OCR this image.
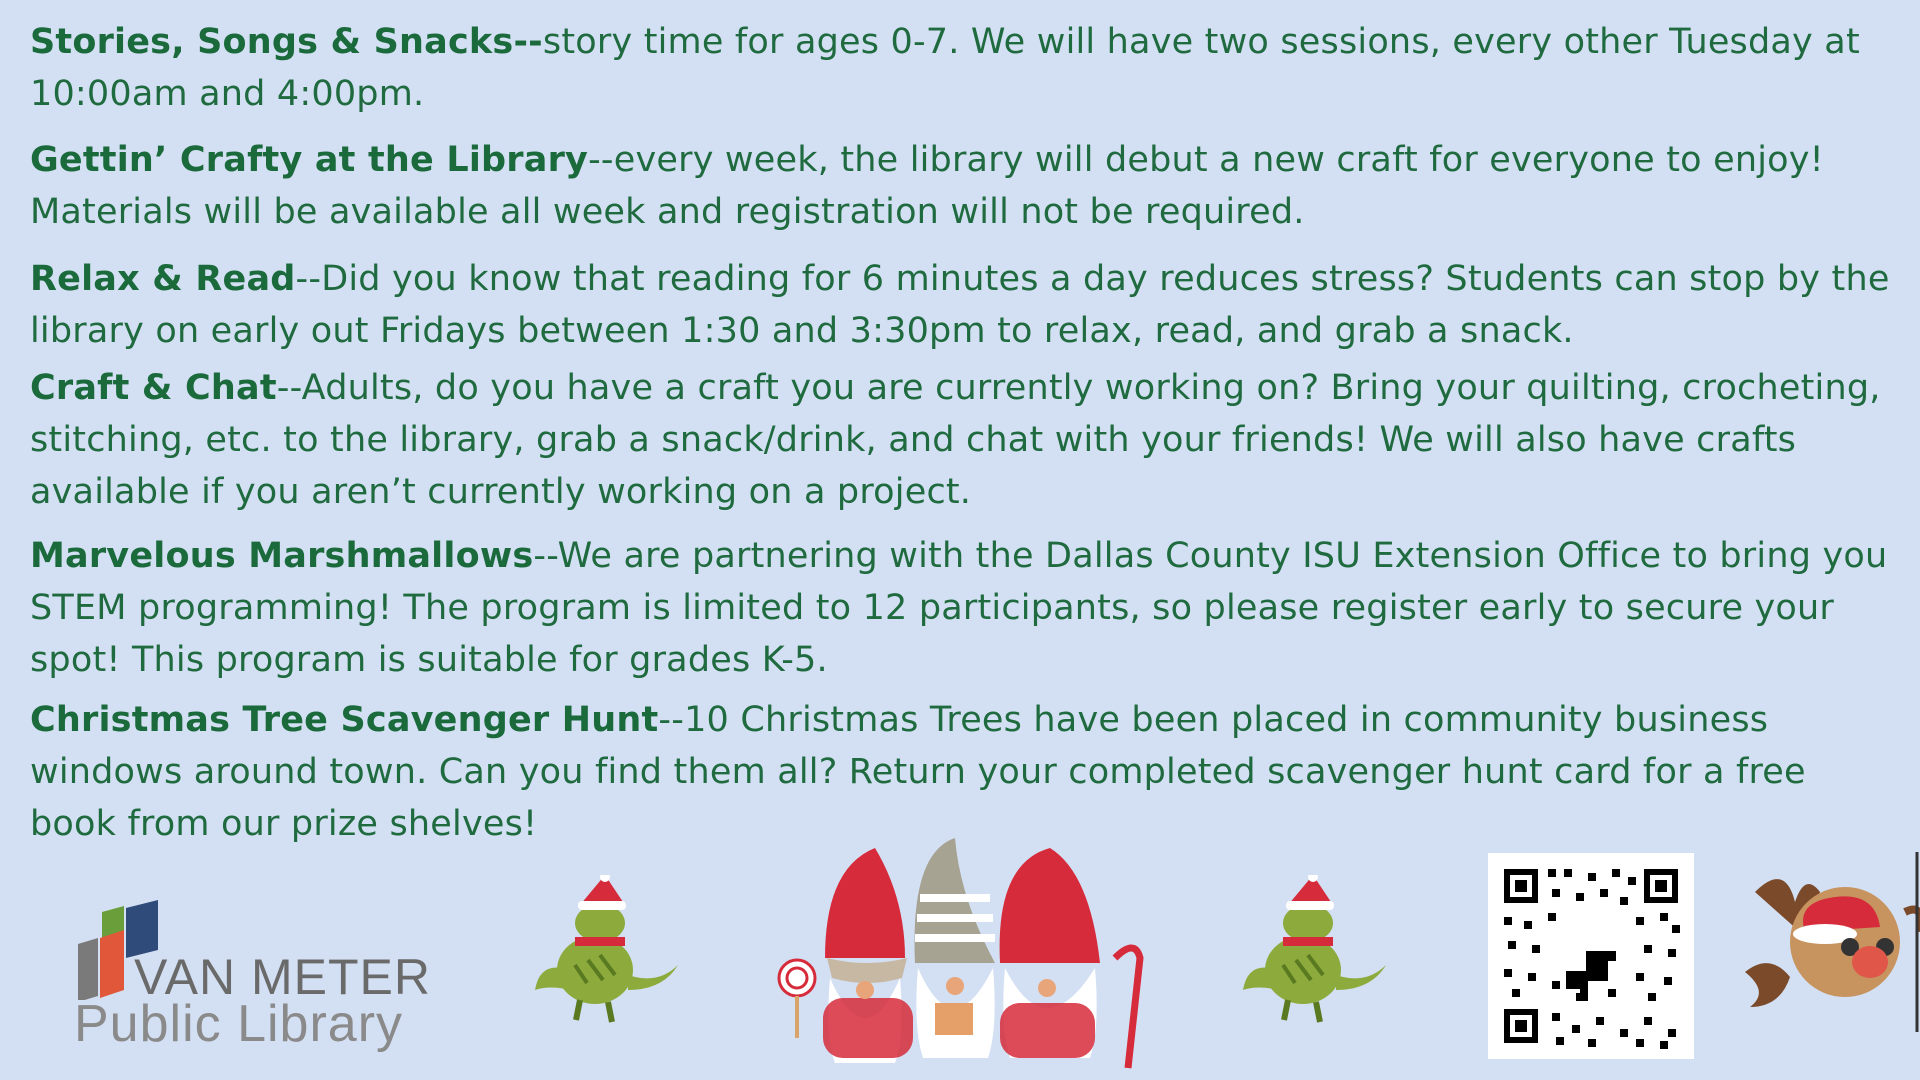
Stories, Songs & Snacks--story time for ages 0-7. We will have two sessions, every other Tuesday at 10:00am and 4:00pm.

Gettin’ Crafty at the Library--every week, the library will debut a new craft for everyone to enjoy! Materials will be available all week and registration will not be required.

Relax & Read--Did you know that reading for 6 minutes a day reduces stress? Students can stop by the library on early out Fridays between 1:30 and 3:30pm to relax, read, and grab a snack.

Craft & Chat--Adults, do you have a craft you are currently working on? Bring your quilting, crocheting, stitching, etc. to the library, grab a snack/drink, and chat with your friends! We will also have crafts available if you aren’t currently working on a project.

Marvelous Marshmallows--We are partnering with the Dallas County ISU Extension Office to bring you STEM programming! The program is limited to 12 participants, so please register early to secure your spot! This program is suitable for grades K-5.

Christmas Tree Scavenger Hunt--10 Christmas Trees have been placed in community business windows around town. Can you find them all? Return your completed scavenger hunt card for a free book from our prize shelves!

VAN METER
Public Library
